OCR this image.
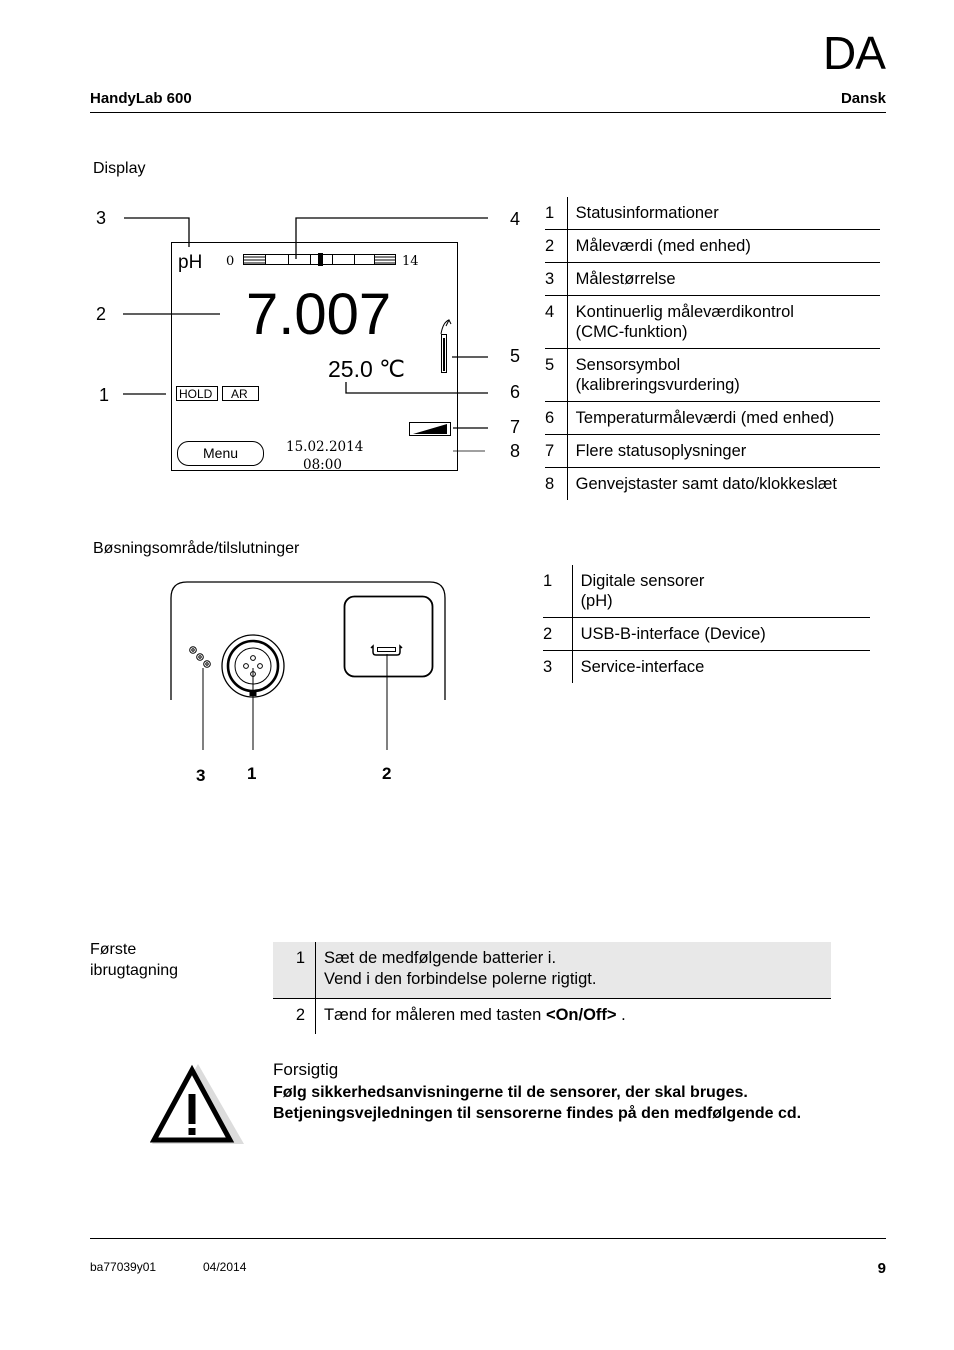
DA
HandyLab 600	Dansk
Display
pH 0	14
7.007
25.0 ℃
HOLD AR
Menu	15.02.2014
08:00
3
2
1
4
5
6
7
8
1	Statusinformationer
2	Måleværdi (med enhed)
3	Målestørrelse
4	Kontinuerlig måleværdikontrol
(CMC-funktion)
5	Sensorsymbol
(kalibreringsvurdering)
6	Temperaturmåleværdi (med enhed)
7	Flere statusoplysninger
8	Genvejstaster samt dato/klokkeslæt
Bøsningsområde/tilslutninger
3 1	2
1	Digitale sensorer
(pH)
2	USB-B-interface (Device)
3	Service-interface
Første
ibrugtagning
1	Sæt de medfølgende batterier i.
Vend i den forbindelse polerne rigtigt.
2	Tænd for måleren med tasten <On/Off> .
Forsigtig
Følg sikkerhedsanvisningerne til de sensorer, der skal bruges.
Betjeningsvejledningen til sensorerne findes på den medfølgende cd.
ba77039y01	04/2014	9
